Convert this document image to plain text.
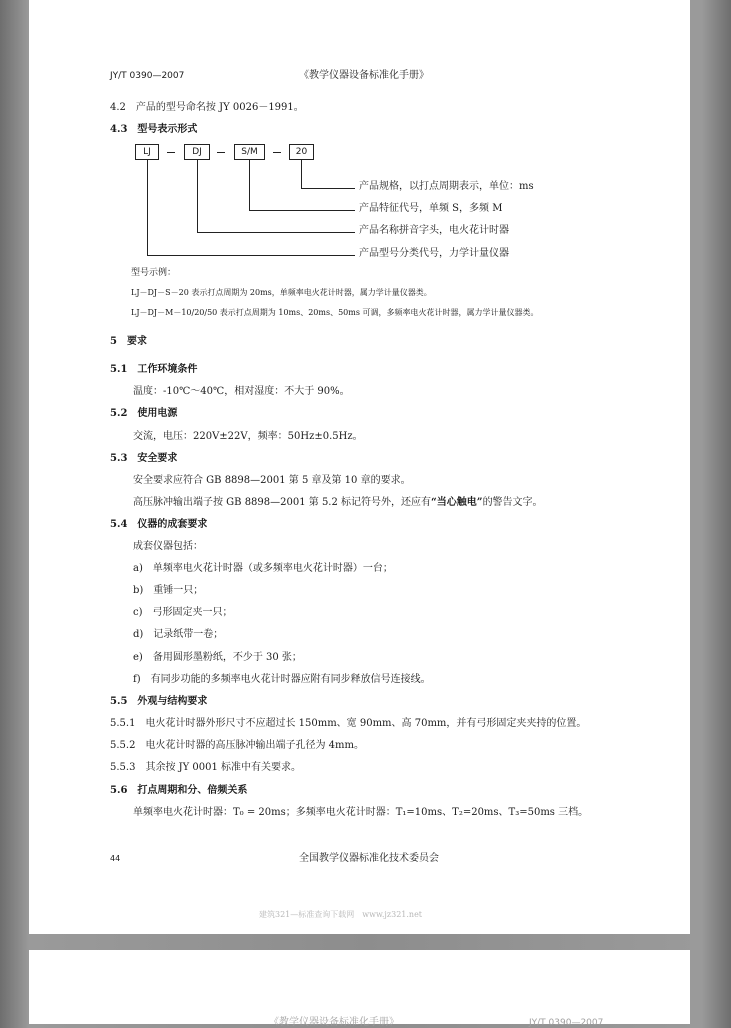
JY/T 0390—2007	《教学仪器设备标准化手册》
4.2　产品的型号命名按 JY 0026－1991。
4.3　型号表示形式
LJ	DJ	S/M	20
产品规格，以打点周期表示，单位：ms
产品特征代号，单频 S，多频 M
产品名称拼音字头，电火花计时器
产品型号分类代号，力学计量仪器
型号示例：
LJ－DJ－S－20 表示打点周期为 20ms，单频率电火花计时器，属力学计量仪器类。
LJ－DJ－M－10/20/50 表示打点周期为 10ms、20ms、50ms 可调，多频率电火花计时器，属力学计量仪器类。
5　要求
5.1　工作环境条件
温度：-10℃～40℃，相对湿度：不大于 90%。
5.2　使用电源
交流，电压：220V±22V，频率：50Hz±0.5Hz。
5.3　安全要求
安全要求应符合 GB 8898—2001 第 5 章及第 10 章的要求。
高压脉冲输出端子按 GB 8898—2001 第 5.2 标记符号外，还应有“当心触电”的警告文字。
5.4　仪器的成套要求
成套仪器包括：
a)　单频率电火花计时器（或多频率电火花计时器）一台；
b)　重锤一只；
c)　弓形固定夹一只；
d)　记录纸带一卷；
e)　备用圆形墨粉纸，不少于 30 张；
f)　有同步功能的多频率电火花计时器应附有同步释放信号连接线。
5.5　外观与结构要求
5.5.1　电火花计时器外形尺寸不应超过长 150mm、宽 90mm、高 70mm，并有弓形固定夹夹持的位置。
5.5.2　电火花计时器的高压脉冲输出端子孔径为 4mm。
5.5.3　其余按 JY 0001 标准中有关要求。
5.6　打点周期和分、倍频关系
单频率电火花计时器：T₀ = 20ms；多频率电火花计时器：T₁=10ms、T₂=20ms、T₃=50ms 三档。
44	全国教学仪器标准化技术委员会
建筑321—标准查询下载网　www.jz321.net
《教学仪器设备标准化手册》	JY/T 0390—2007
